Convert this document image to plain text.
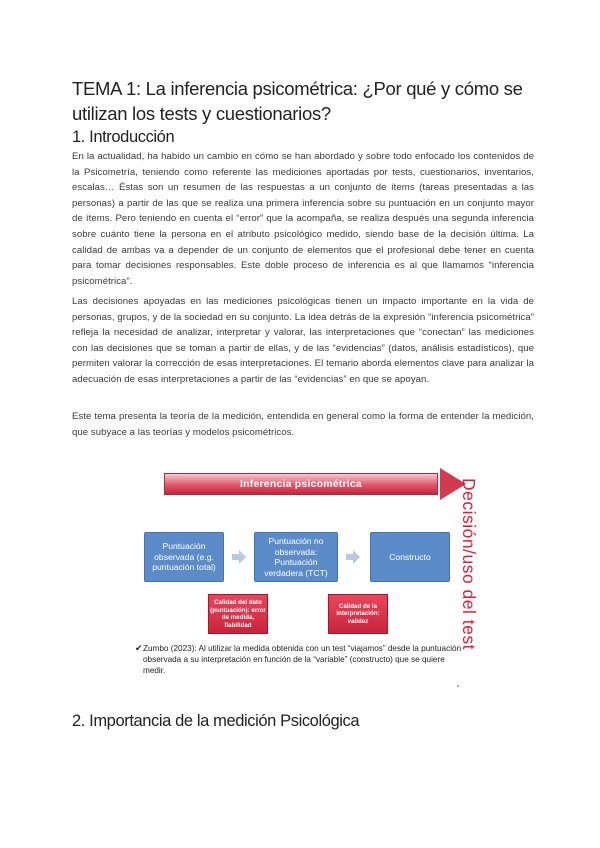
TEMA 1: La inferencia psicométrica: ¿Por qué y cómo se utilizan los tests y cuestionarios?
1. Introducción

En la actualidad, ha habido un cambio en cómo se han abordado y sobre todo enfocado los contenidos de la Psicometría, teniendo como referente las mediciones aportadas por tests, cuestionarios, inventarios, escalas… Éstas son un resumen de las respuestas a un conjunto de ítems (tareas presentadas a las personas) a partir de las que se realiza una primera inferencia sobre su puntuación en un conjunto mayor de ítems. Pero teniendo en cuenta el “error” que la acompaña, se realiza después una segunda inferencia sobre cuánto tiene la persona en el atributo psicológico medido, siendo base de la decisión última. La calidad de ambas va a depender de un conjunto de elementos que el profesional debe tener en cuenta para tomar decisiones responsables. Este doble proceso de inferencia es al que llamamos “inferencia psicométrica”.

Las decisiones apoyadas en las mediciones psicológicas tienen un impacto importante en la vida de personas, grupos, y de la sociedad en su conjunto. La idea detrás de la expresión “inferencia psicométrica” refleja la necesidad de analizar, interpretar y valorar, las interpretaciones que “conectan” las mediciones con las decisiones que se toman a partir de ellas, y de las “evidencias” (datos, análisis estadísticos), que permiten valorar la corrección de esas interpretaciones. El temario aborda elementos clave para analizar la adecuación de esas interpretaciones a partir de las “evidencias” en que se apoyan.

Este tema presenta la teoría de la medición, entendida en general como la forma de entender la medición, que subyace a las teorías y modelos psicométricos.

Inferencia psicométrica
Puntuación observada (e.g. puntuación total)
Puntuación no observada: Puntuación verdadera (TCT)
Constructo
Calidad del dato (puntuación): error de medida, fiabilidad
Calidad de la interpretación: validez	Decisión/uso del test
✔ Zumbo (2023): Al utilizar la medida obtenida con un test “viajamos” desde la puntuación observada a su interpretación en función de la “variable” (constructo) que se quiere medir.
2. Importancia de la medición Psicológica
